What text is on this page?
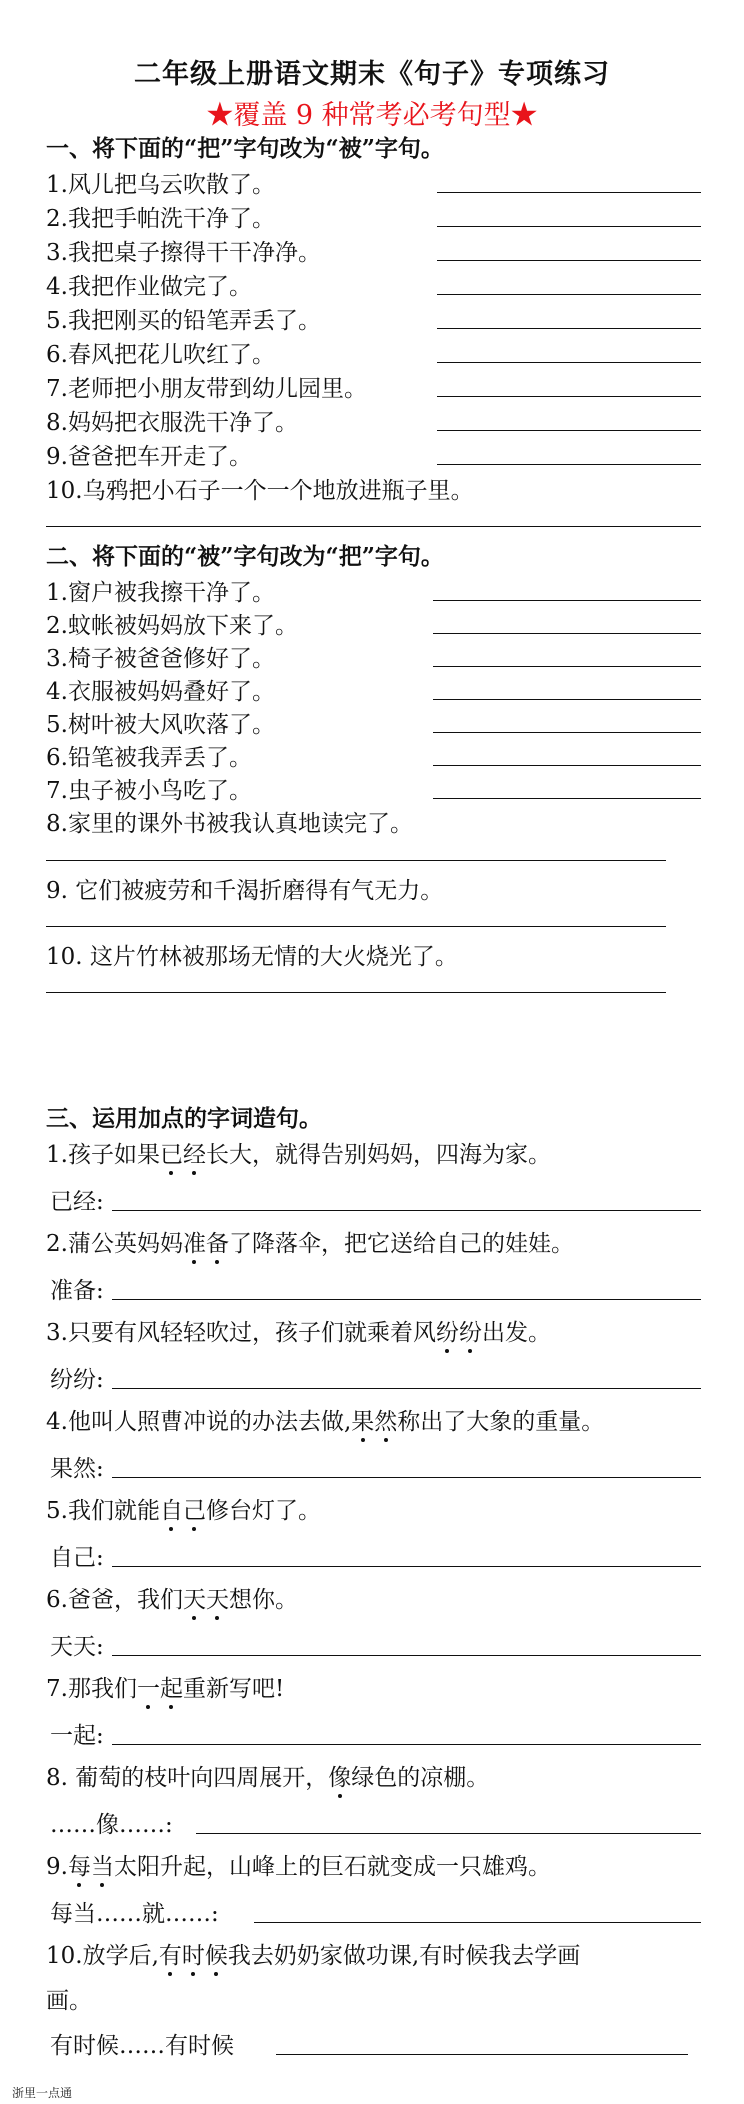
二年级上册语文期末《句子》专项练习
★覆盖 9 种常考必考句型★
一、将下面的“把”字句改为“被”字句。
1.风儿把乌云吹散了。
2.我把手帕洗干净了。
3.我把桌子擦得干干净净。
4.我把作业做完了。
5.我把刚买的铅笔弄丢了。
6.春风把花儿吹红了。
7.老师把小朋友带到幼儿园里。
8.妈妈把衣服洗干净了。
9.爸爸把车开走了。
10.乌鸦把小石子一个一个地放进瓶子里。
二、将下面的“被”字句改为“把”字句。
1.窗户被我擦干净了。
2.蚊帐被妈妈放下来了。
3.椅子被爸爸修好了。
4.衣服被妈妈叠好了。
5.树叶被大风吹落了。
6.铅笔被我弄丢了。
7.虫子被小鸟吃了。
8.家里的课外书被我认真地读完了。
9. 它们被疲劳和千渴折磨得有气无力。
10. 这片竹林被那场无情的大火烧光了。
三、运用加点的字词造句。
1.孩子如果已经长大，就得告别妈妈，四海为家。
已经:
2.蒲公英妈妈准备了降落伞，把它送给自己的娃娃。
准备:
3.只要有风轻轻吹过，孩子们就乘着风纷纷出发。
纷纷:
4.他叫人照曹冲说的办法去做,果然称出了大象的重量。
果然:
5.我们就能自己修台灯了。
自己:
6.爸爸，我们天天想你。
天天:
7.那我们一起重新写吧!
一起:
8. 葡萄的枝叶向四周展开，像绿色的凉棚。
……像……:
9.每当太阳升起，山峰上的巨石就变成一只雄鸡。
每当……就……:
10.放学后,有时候我去奶奶家做功课,有时候我去学画
画。
有时候……有时候
浙里一点通
